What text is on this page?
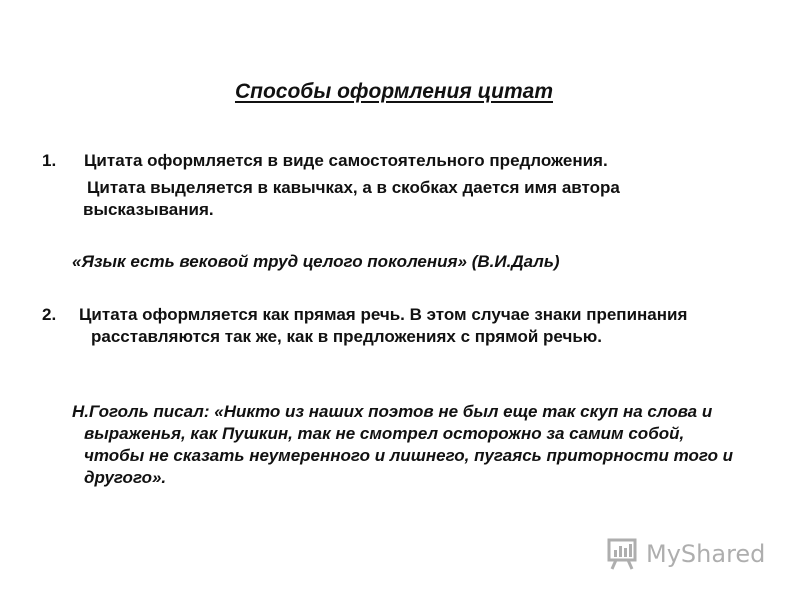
Способы оформления цитат
1. Цитата оформляется в виде самостоятельного предложения.
Цитата выделяется в кавычках, а в скобках дается имя автора высказывания.
«Язык есть вековой труд целого поколения» (В.И.Даль)
2. Цитата оформляется как прямая речь. В этом случае знаки препинания расставляются так же, как в предложениях с прямой речью.
Н.Гоголь писал: «Никто из наших поэтов не был еще так скуп на слова и выраженья, как Пушкин, так не смотрел осторожно за самим собой, чтобы не сказать неумеренного и лишнего, пугаясь приторности того и другого».
MyShared
